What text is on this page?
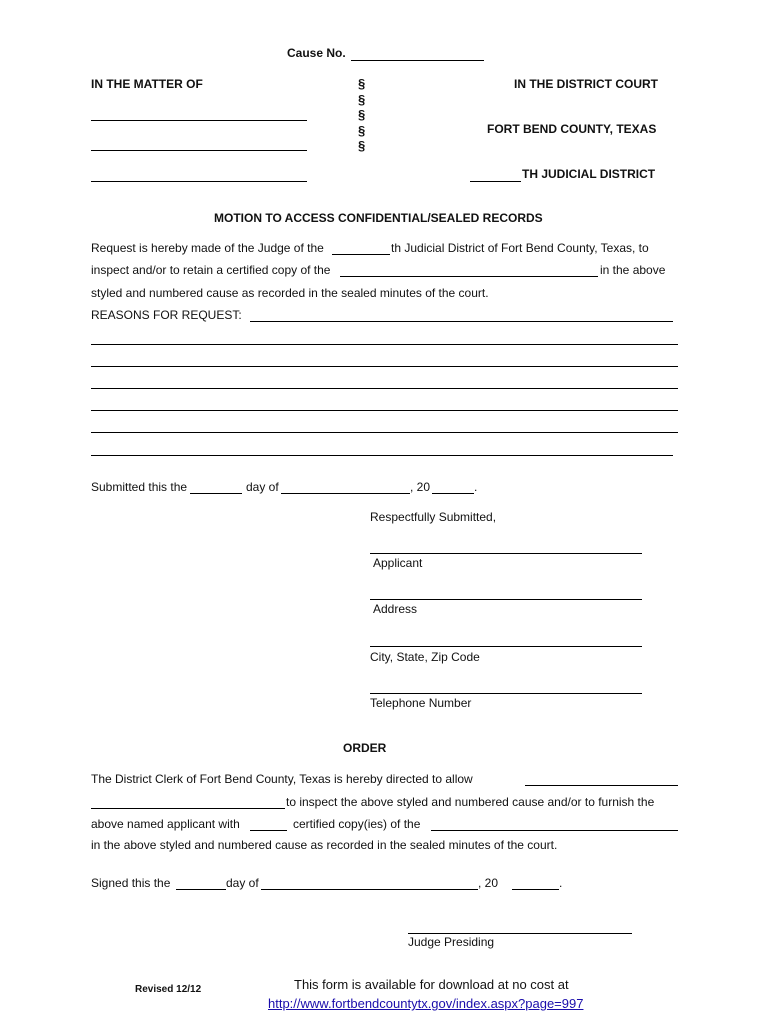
Cause No.
IN THE MATTER OF	§
§
§
§
§
IN THE DISTRICT COURT
FORT BEND COUNTY, TEXAS
TH JUDICIAL DISTRICT
MOTION TO ACCESS CONFIDENTIAL/SEALED RECORDS
Request is hereby made of the Judge of the	th Judicial District of Fort Bend County, Texas, to
inspect and/or to retain a certified copy of the	in the above
styled and numbered cause as recorded in the sealed minutes of the court.
REASONS FOR REQUEST:
Submitted this the	day of	, 20	.
Respectfully Submitted,
Applicant
Address
City, State, Zip Code
Telephone Number
ORDER
The District Clerk of Fort Bend County, Texas is hereby directed to allow
to inspect the above styled and numbered cause and/or to furnish the
above named applicant with	certified copy(ies) of the
in the above styled and numbered cause as recorded in the sealed minutes of the court.
Signed this the	day of	, 20	.
Judge Presiding
Revised 12/12	This form is available for download at no cost at
http://www.fortbendcountytx.gov/index.aspx?page=997
